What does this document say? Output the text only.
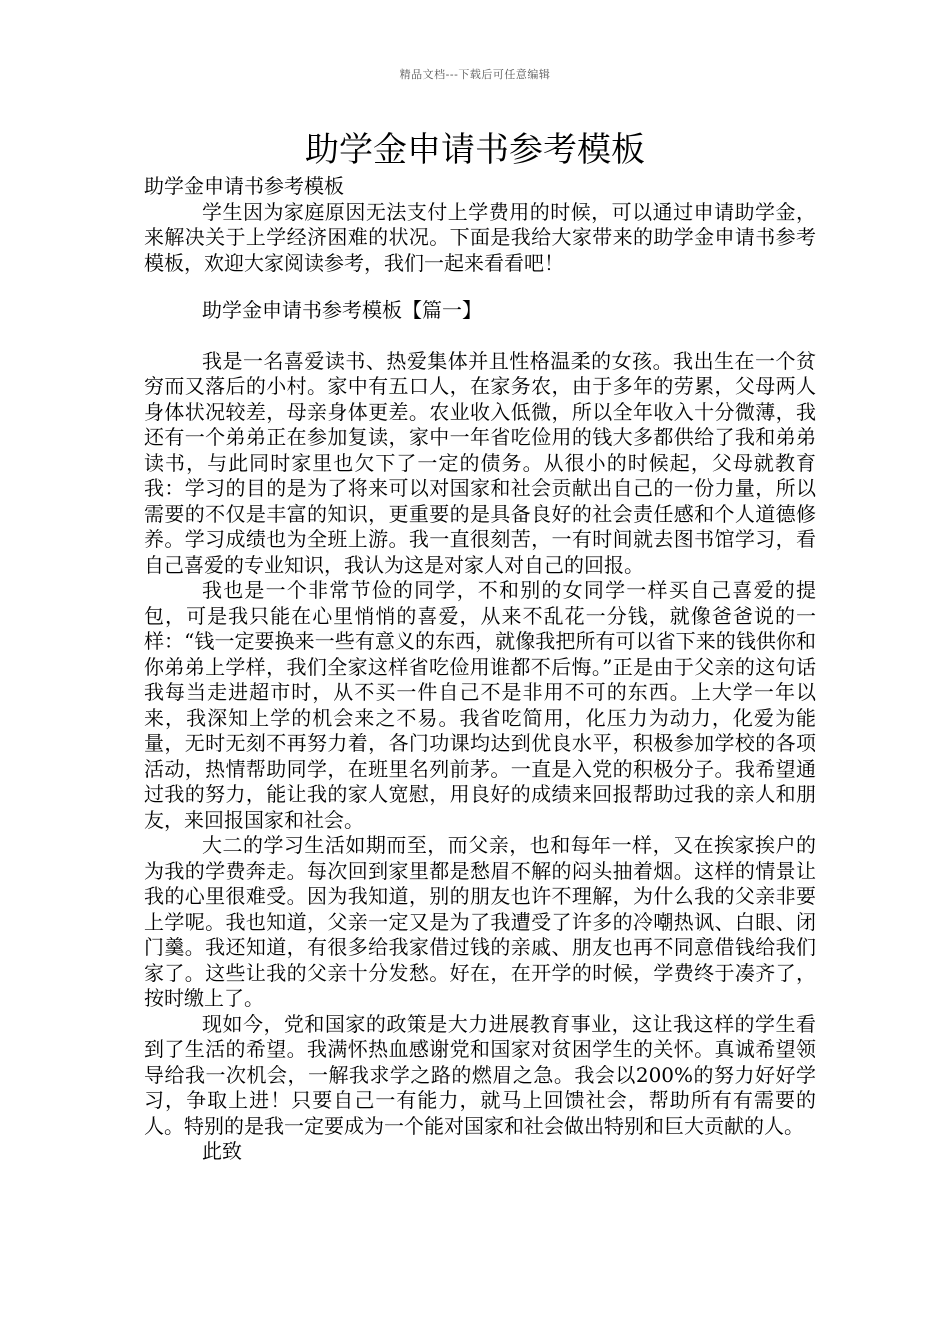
精品文档---下载后可任意编辑
助学金申请书参考模板

助学金申请书参考模板

学生因为家庭原因无法支付上学费用的时候，可以通过申请助学金，来解决关于上学经济困难的状况。下面是我给大家带来的助学金申请书参考模板，欢迎大家阅读参考，我们一起来看看吧！

助学金申请书参考模板【篇一】

我是一名喜爱读书、热爱集体并且性格温柔的女孩。我出生在一个贫穷而又落后的小村。家中有五口人，在家务农，由于多年的劳累，父母两人身体状况较差，母亲身体更差。农业收入低微，所以全年收入十分微薄，我还有一个弟弟正在参加复读，家中一年省吃俭用的钱大多都供给了我和弟弟读书，与此同时家里也欠下了一定的债务。从很小的时候起，父母就教育我：学习的目的是为了将来可以对国家和社会贡献出自己的一份力量，所以需要的不仅是丰富的知识，更重要的是具备良好的社会责任感和个人道德修养。学习成绩也为全班上游。我一直很刻苦，一有时间就去图书馆学习，看自己喜爱的专业知识，我认为这是对家人对自己的回报。

我也是一个非常节俭的同学，不和别的女同学一样买自己喜爱的提包，可是我只能在心里悄悄的喜爱，从来不乱花一分钱，就像爸爸说的一样：“钱一定要换来一些有意义的东西，就像我把所有可以省下来的钱供你和你弟弟上学样，我们全家这样省吃俭用谁都不后悔。”正是由于父亲的这句话我每当走进超市时，从不买一件自己不是非用不可的东西。上大学一年以来，我深知上学的机会来之不易。我省吃简用，化压力为动力，化爱为能量，无时无刻不再努力着，各门功课均达到优良水平，积极参加学校的各项活动，热情帮助同学，在班里名列前茅。一直是入党的积极分子。我希望通过我的努力，能让我的家人宽慰，用良好的成绩来回报帮助过我的亲人和朋友，来回报国家和社会。

大二的学习生活如期而至，而父亲，也和每年一样，又在挨家挨户的为我的学费奔走。每次回到家里都是愁眉不解的闷头抽着烟。这样的情景让我的心里很难受。因为我知道，别的朋友也许不理解，为什么我的父亲非要上学呢。我也知道，父亲一定又是为了我遭受了许多的冷嘲热讽、白眼、闭门羹。我还知道，有很多给我家借过钱的亲戚、朋友也再不同意借钱给我们家了。这些让我的父亲十分发愁。好在，在开学的时候，学费终于凑齐了，按时缴上了。

现如今，党和国家的政策是大力进展教育事业，这让我这样的学生看到了生活的希望。我满怀热血感谢党和国家对贫困学生的关怀。真诚希望领导给我一次机会，一解我求学之路的燃眉之急。我会以200%的努力好好学习，争取上进！只要自己一有能力，就马上回馈社会，帮助所有有需要的人。特别的是我一定要成为一个能对国家和社会做出特别和巨大贡献的人。

此致
